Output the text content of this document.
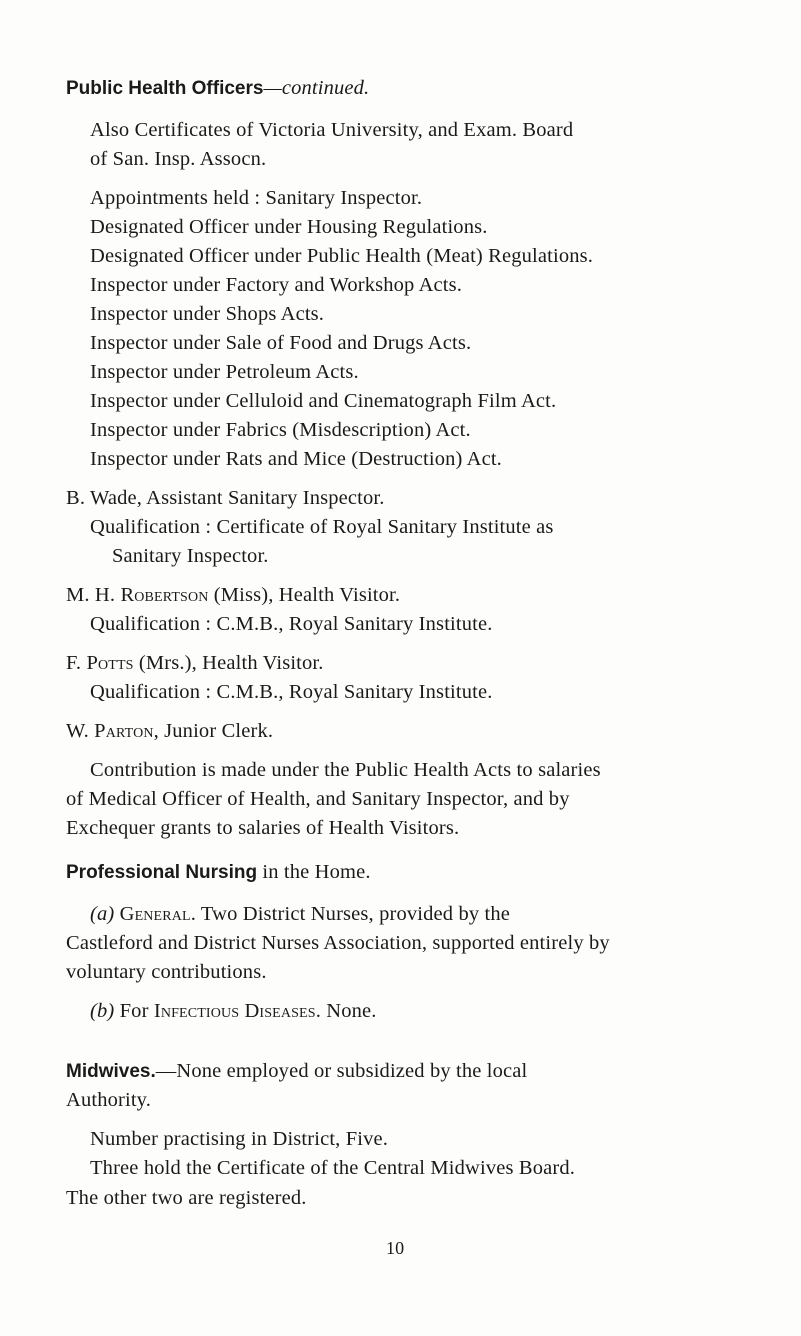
Public Health Officers—continued.
Also Certificates of Victoria University, and Exam. Board
of San. Insp. Assocn.
Appointments held : Sanitary Inspector.
Designated Officer under Housing Regulations.
Designated Officer under Public Health (Meat) Regulations.
Inspector under Factory and Workshop Acts.
Inspector under Shops Acts.
Inspector under Sale of Food and Drugs Acts.
Inspector under Petroleum Acts.
Inspector under Celluloid and Cinematograph Film Act.
Inspector under Fabrics (Misdescription) Act.
Inspector under Rats and Mice (Destruction) Act.
B. Wade, Assistant Sanitary Inspector.
Qualification : Certificate of Royal Sanitary Institute as
Sanitary Inspector.
M. H. Robertson (Miss), Health Visitor.
Qualification : C.M.B., Royal Sanitary Institute.
F. Potts (Mrs.), Health Visitor.
Qualification : C.M.B., Royal Sanitary Institute.
W. Parton, Junior Clerk.
Contribution is made under the Public Health Acts to salaries
of Medical Officer of Health, and Sanitary Inspector, and by
Exchequer grants to salaries of Health Visitors.
Professional Nursing in the Home.
(a) General. Two District Nurses, provided by the
Castleford and District Nurses Association, supported entirely by
voluntary contributions.
(b) For Infectious Diseases. None.
Midwives.—None employed or subsidized by the local
Authority.
Number practising in District, Five.
Three hold the Certificate of the Central Midwives Board.
The other two are registered.
10
